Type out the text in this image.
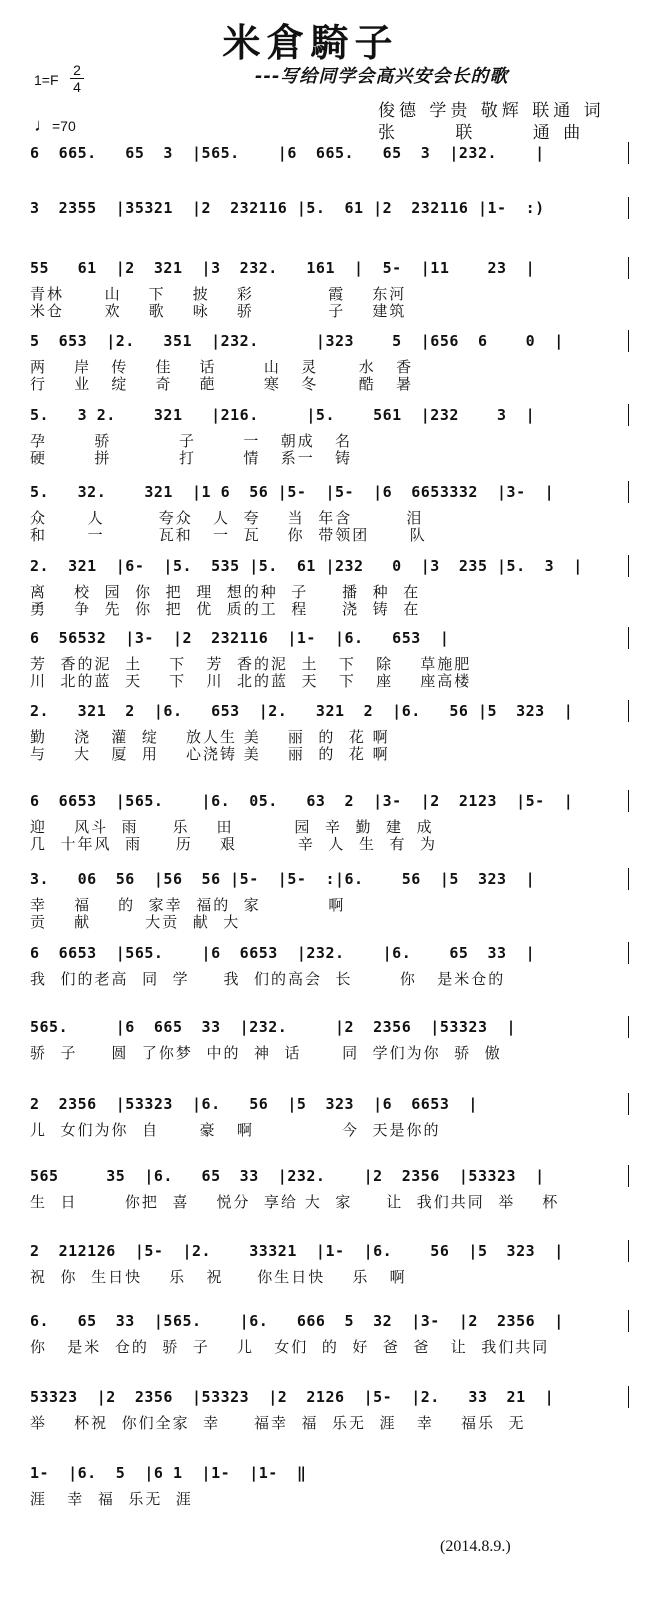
米倉騎子
1=F
2
4
♩=70
---写给同学会高兴安会长的歌
俊德 学贵 敬辉 联通 词
张      联      通 曲
6  665.   65  3  |565.    |6  665.   65  3  |232.    |
3  2355  |35321  |2  232116 |5.  61 |2  232116 |1-  :)
55   61  |2  321  |3  232.   161  |  5-  |11    23  |
青林      山    下    披    彩           霞    东河
米仓      欢    歌    咏    骄           子    建筑
5  653  |2.   351  |232.      |323    5  |656  6    0  |
两    岸   传    佳    话       山   灵      水   香
行    业   绽    奇    葩       寒   冬      酷   暑
5.   3 2.    321   |216.     |5.    561  |232    3  |
孕       骄          子       一   朝成   名
硬       拼          打       情   系一   铸
5.   32.    321  |1 6  56 |5-  |5-  |6  6653332  |3-  |
众      人        夸众   人  夸    当  年含        泪
和      一        瓦和   一  瓦    你  带领团      队
2.  321  |6-  |5.  535 |5.  61 |232   0  |3  235 |5.  3  |
离    校  园  你  把  理  想的种  子     播  种  在
勇    争  先  你  把  优  质的工  程     浇  铸  在
6  56532  |3-  |2  232116  |1-  |6.   653  |
芳  香的泥  土    下   芳  香的泥  土   下   除    草施肥
川  北的蓝  天    下   川  北的蓝  天   下   座    座高楼
2.   321  2  |6.   653  |2.   321  2  |6.   56 |5  323  |
勤    浇   灌  绽    放人生 美    丽  的  花 啊
与    大   厦  用    心浇铸 美    丽  的  花 啊
6  6653  |565.    |6.  05.   63  2  |3-  |2  2123  |5-  |
迎    风斗  雨     乐    田         园  辛  勤  建  成
几  十年风  雨     历    艰         辛  人  生  有  为
3.   06  56  |56  56 |5-  |5-  :|6.    56  |5  323  |
幸    福    的  家幸  福的  家          啊
贡    献        大贡  献  大
6  6653  |565.    |6  6653  |232.    |6.    65  33  |
我  们的老高  同  学     我  们的高会  长       你   是米仓的
565.     |6  665  33  |232.     |2  2356  |53323  |
骄  子     圆  了你梦  中的  神  话      同  学们为你  骄  傲
2  2356  |53323  |6.   56  |5  323  |6  6653  |
儿  女们为你  自      豪   啊             今  天是你的
565     35  |6.   65  33  |232.    |2  2356  |53323  |
生  日       你把  喜    悦分  享给 大  家     让  我们共同  举    杯
2  212126  |5-  |2.    33321  |1-  |6.    56  |5  323  |
祝  你  生日快    乐   祝     你生日快    乐   啊
6.   65  33  |565.    |6.   666  5  32  |3-  |2  2356  |
你   是米  仓的  骄  子    儿   女们  的  好  爸  爸   让  我们共同
53323  |2  2356  |53323  |2  2126  |5-  |2.   33  21  |
举    杯祝  你们全家  幸     福幸  福  乐无  涯   幸    福乐  无
1-  |6.  5  |6 1  |1-  |1-  ‖
涯   幸  福  乐无  涯
(2014.8.9.)
